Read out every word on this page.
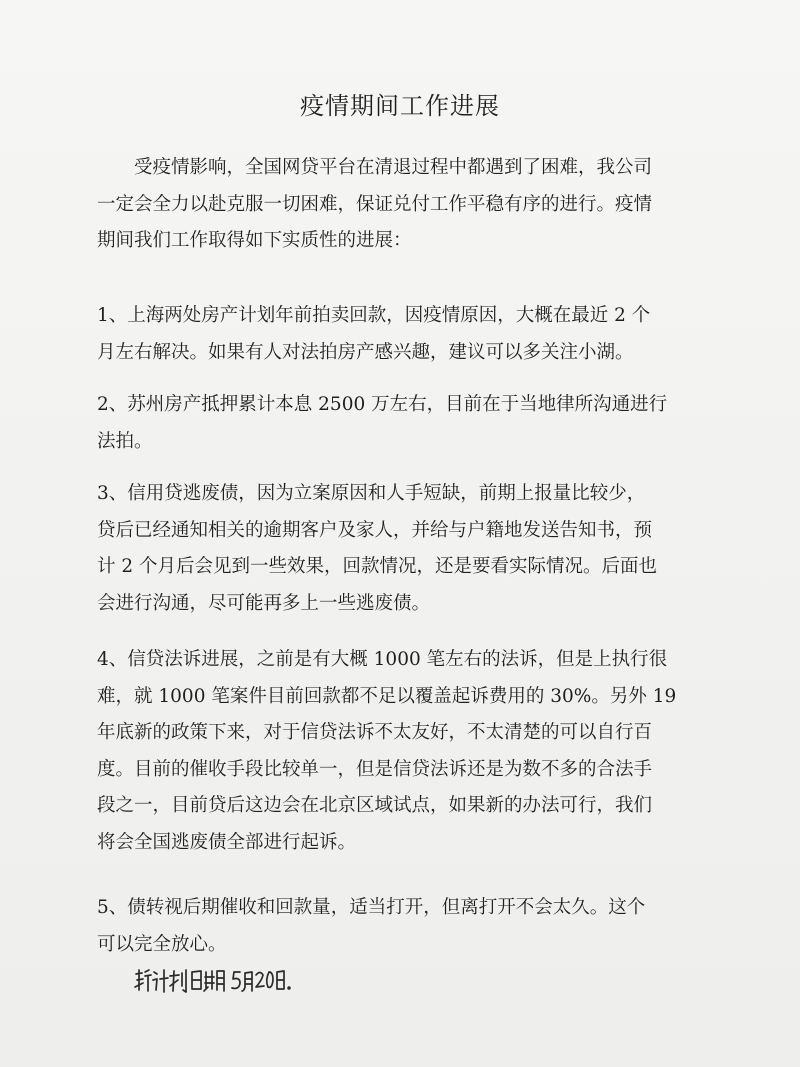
疫情期间工作进展
受疫情影响，全国网贷平台在清退过程中都遇到了困难，我公司
一定会全力以赴克服一切困难，保证兑付工作平稳有序的进行。疫情
期间我们工作取得如下实质性的进展：
1、上海两处房产计划年前拍卖回款，因疫情原因，大概在最近 2 个
月左右解决。如果有人对法拍房产感兴趣，建议可以多关注小湖。
2、苏州房产抵押累计本息 2500 万左右，目前在于当地律所沟通进行
法拍。
3、信用贷逃废债，因为立案原因和人手短缺，前期上报量比较少，
贷后已经通知相关的逾期客户及家人，并给与户籍地发送告知书，预
计 2 个月后会见到一些效果，回款情况，还是要看实际情况。后面也
会进行沟通，尽可能再多上一些逃废债。
4、信贷法诉进展，之前是有大概 1000 笔左右的法诉，但是上执行很
难，就 1000 笔案件目前回款都不足以覆盖起诉费用的 30%。另外 19
年底新的政策下来，对于信贷法诉不太友好，不太清楚的可以自行百
度。目前的催收手段比较单一，但是信贷法诉还是为数不多的合法手
段之一，目前贷后这边会在北京区域试点，如果新的办法可行，我们
将会全国逃废债全部进行起诉。
5、债转视后期催收和回款量，适当打开，但离打开不会太久。这个
可以完全放心。
